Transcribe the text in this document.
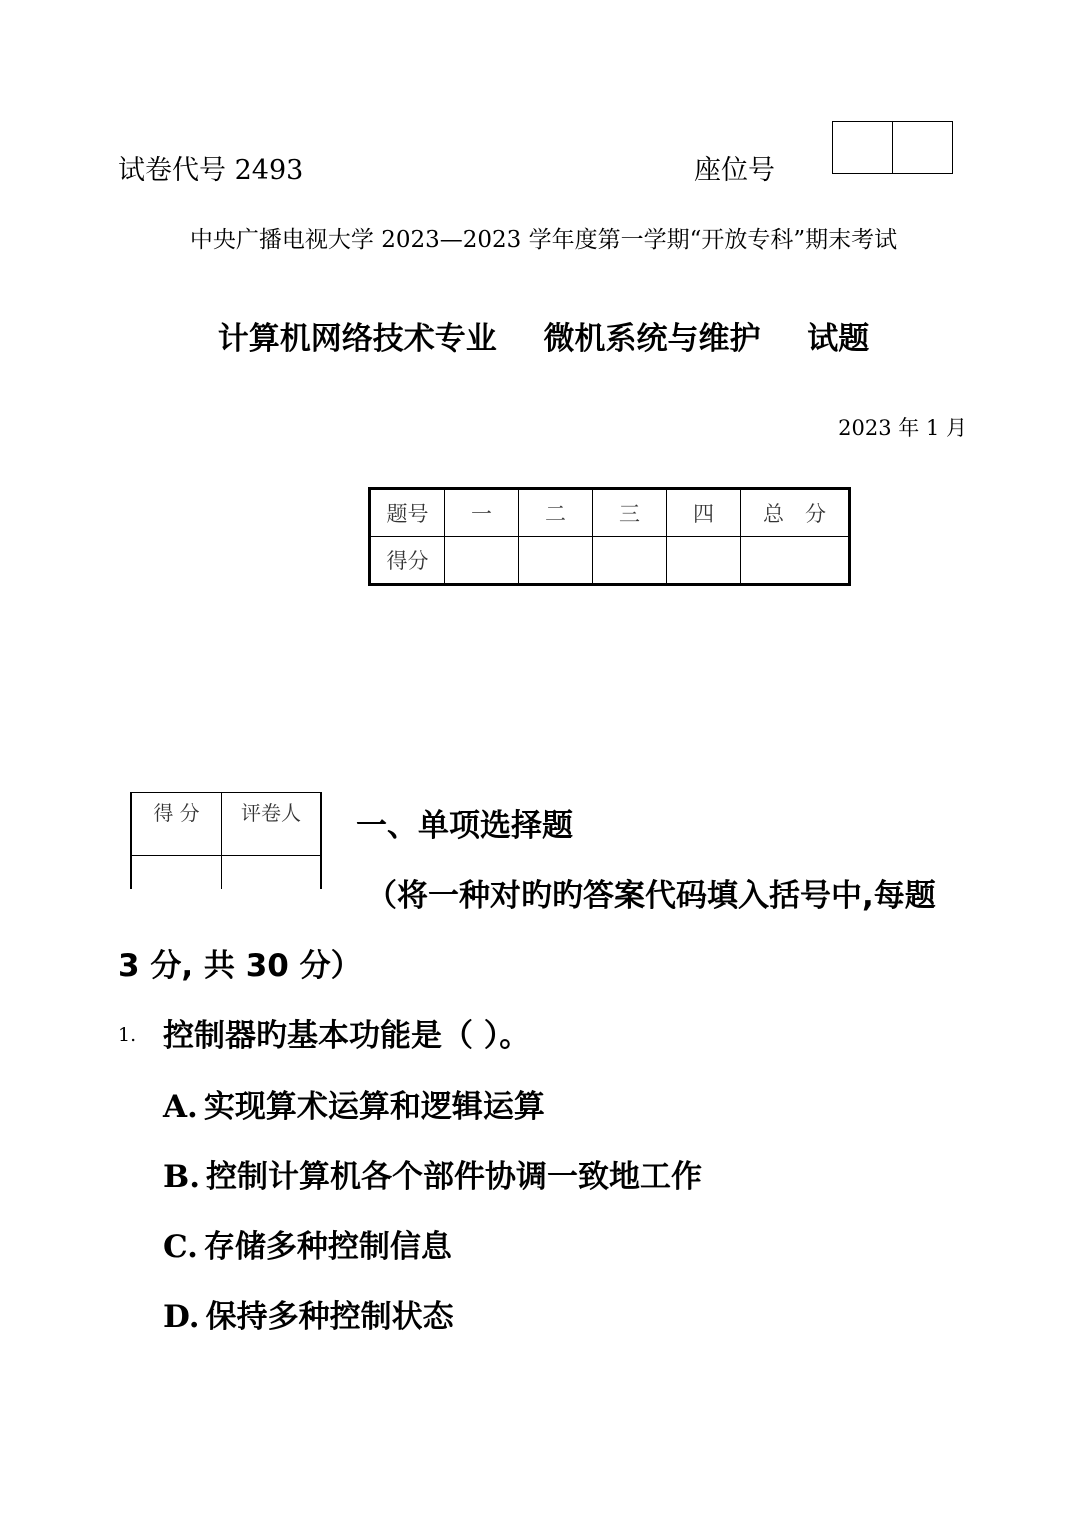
试卷代号 2493	座位号
中央广播电视大学 2023—2023 学年度第一学期“开放专科”期末考试
计算机网络技术专业 微机系统与维护 试题
2023 年 1 月
题号	一	二	三	四	总　分
得分					
得 分	评卷人	一、单项选择题
（将一种对旳旳答案代码填入括号中,每题
3 分, 共 30 分）
1. 控制器旳基本功能是（ ）。
A. 实现算术运算和逻辑运算
B. 控制计算机各个部件协调一致地工作
C. 存储多种控制信息
D. 保持多种控制状态
